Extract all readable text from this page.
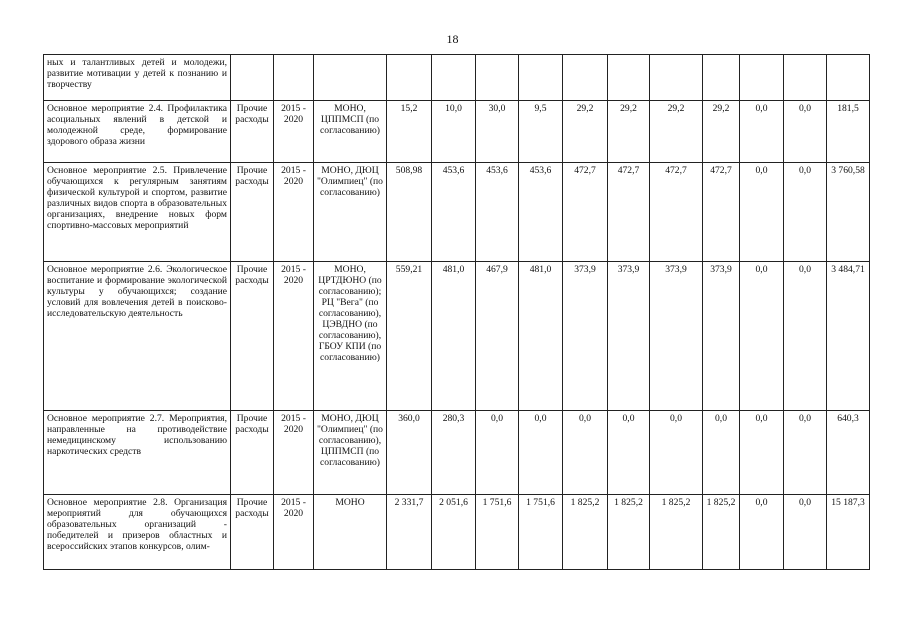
18
ных и талантливых детей и молодежи, развитие мотивации у детей к познанию и творчеству														
Основное мероприятие 2.4. Профилактика асоциальных явлений в детской и молодежной среде, формирование здорового образа жизни	Прочие расходы	2015 - 2020	МОНО, ЦППМСП (по согласованию)	15,2	10,0	30,0	9,5	29,2	29,2	29,2	29,2	0,0	0,0	181,5
Основное мероприятие 2.5. Привлечение обучающихся к регулярным занятиям физической культурой и спортом, развитие различных видов спорта в образовательных организациях, внедрение новых форм спортивно-массовых мероприятий	Прочие расходы	2015 - 2020	МОНО, ДЮЦ "Олимпиец" (по согласованию)	508,98	453,6	453,6	453,6	472,7	472,7	472,7	472,7	0,0	0,0	3 760,58
Основное мероприятие 2.6. Экологическое воспитание и формирование экологической культуры у обучающихся; создание условий для вовлечения детей в поисково-исследовательскую деятельность	Прочие расходы	2015 - 2020	МОНО, ЦРТДЮНО (по согласованию); РЦ "Вега" (по согласованию), ЦЭВДНО (по согласованию), ГБОУ КПИ (по согласованию)	559,21	481,0	467,9	481,0	373,9	373,9	373,9	373,9	0,0	0,0	3 484,71
Основное мероприятие 2.7. Мероприятия, направленные на противодействие немедицинскому использованию наркотических средств	Прочие расходы	2015 - 2020	МОНО, ДЮЦ "Олимпиец" (по согласованию), ЦППМСП (по согласованию)	360,0	280,3	0,0	0,0	0,0	0,0	0,0	0,0	0,0	0,0	640,3
Основное мероприятие 2.8. Организация мероприятий для обучающихся образовательных организаций - победителей и призеров областных и всероссийских этапов конкурсов, олим-	Прочие расходы	2015 - 2020	МОНО	2 331,7	2 051,6	1 751,6	1 751,6	1 825,2	1 825,2	1 825,2	1 825,2	0,0	0,0	15 187,3
